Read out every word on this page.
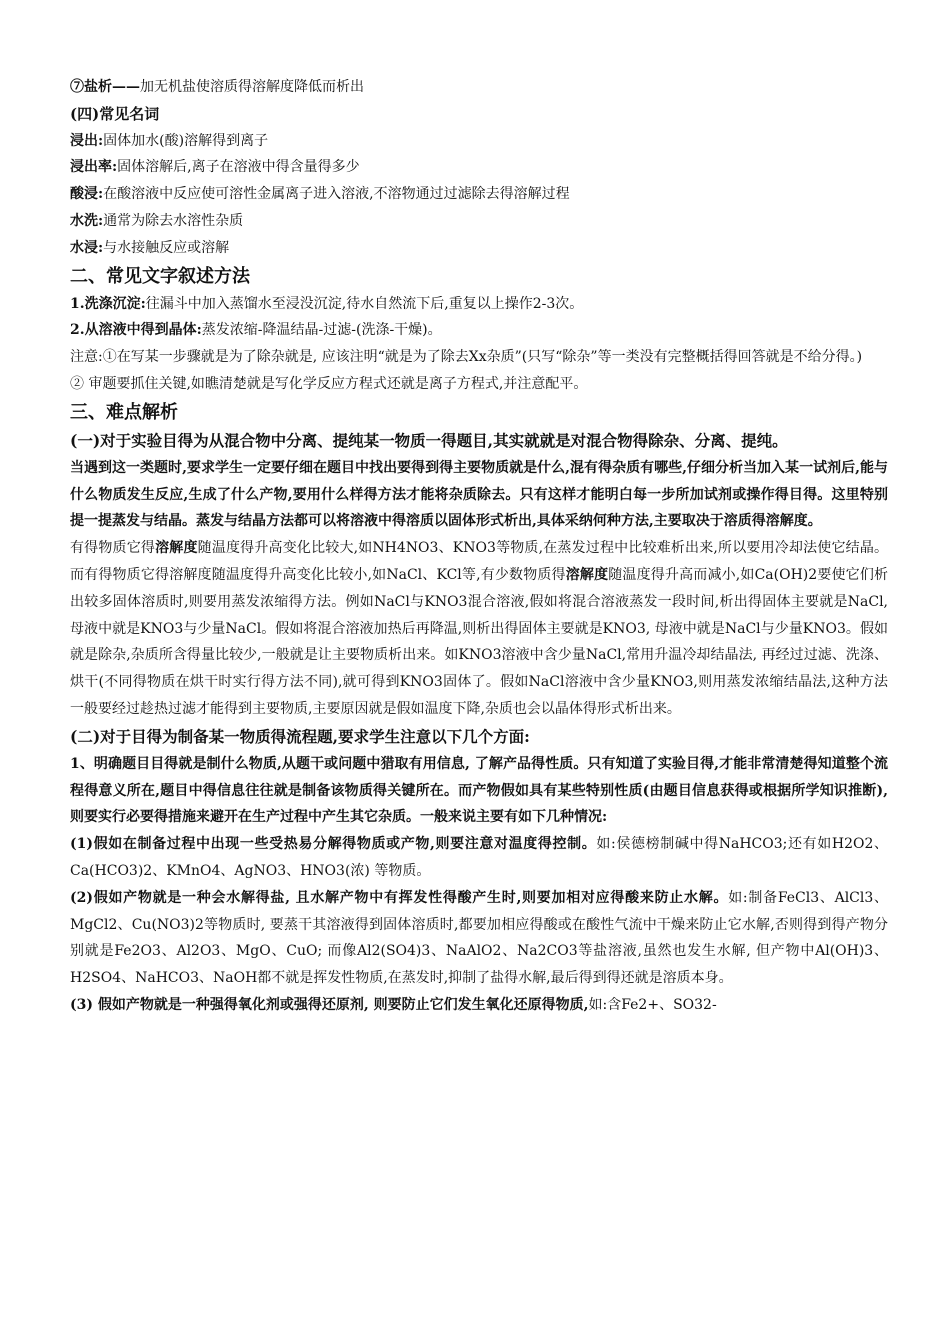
⑦盐析——加无机盐使溶质得溶解度降低而析出
(四)常见名词
浸出:固体加水(酸)溶解得到离子
浸出率:固体溶解后,离子在溶液中得含量得多少
酸浸:在酸溶液中反应使可溶性金属离子进入溶液,不溶物通过过滤除去得溶解过程
水洗:通常为除去水溶性杂质
水浸:与水接触反应或溶解
二、常见文字叙述方法
1.洗涤沉淀:往漏斗中加入蒸馏水至浸没沉淀,待水自然流下后,重复以上操作2-3次。
2.从溶液中得到晶体:蒸发浓缩-降温结晶-过滤-(洗涤-干燥)。
注意:①在写某一步骤就是为了除杂就是, 应该注明“就是为了除去Xx杂质”(只写“除杂”等一类没有完整概括得回答就是不给分得。)
② 审题要抓住关键,如瞧清楚就是写化学反应方程式还就是离子方程式,并注意配平。
三、难点解析
(一)对于实验目得为从混合物中分离、提纯某一物质一得题目,其实就就是对混合物得除杂、分离、提纯。
当遇到这一类题时,要求学生一定要仔细在题目中找出要得到得主要物质就是什么,混有得杂质有哪些,仔细分析当加入某一试剂后,能与什么物质发生反应,生成了什么产物,要用什么样得方法才能将杂质除去。只有这样才能明白每一步所加试剂或操作得目得。这里特别提一提蒸发与结晶。蒸发与结晶方法都可以将溶液中得溶质以固体形式析出,具体采纳何种方法,主要取决于溶质得溶解度。
有得物质它得溶解度随温度得升高变化比较大,如NH4NO3、KNO3等物质,在蒸发过程中比较难析出来,所以要用冷却法使它结晶。而有得物质它得溶解度随温度得升高变化比较小,如NaCl、KCl等,有少数物质得溶解度随温度得升高而减小,如Ca(OH)2要使它们析出较多固体溶质时,则要用蒸发浓缩得方法。例如NaCl与KNO3混合溶液,假如将混合溶液蒸发一段时间,析出得固体主要就是NaCl,母液中就是KNO3与少量NaCl。假如将混合溶液加热后再降温,则析出得固体主要就是KNO3, 母液中就是NaCl与少量KNO3。假如就是除杂,杂质所含得量比较少,一般就是让主要物质析出来。如KNO3溶液中含少量NaCl,常用升温冷却结晶法, 再经过过滤、洗涤、烘干(不同得物质在烘干时实行得方法不同),就可得到KNO3固体了。假如NaCl溶液中含少量KNO3,则用蒸发浓缩结晶法,这种方法一般要经过趁热过滤才能得到主要物质,主要原因就是假如温度下降,杂质也会以晶体得形式析出来。
(二)对于目得为制备某一物质得流程题,要求学生注意以下几个方面:
1、明确题目目得就是制什么物质,从题干或问题中猎取有用信息, 了解产品得性质。只有知道了实验目得,才能非常清楚得知道整个流程得意义所在,题目中得信息往往就是制备该物质得关键所在。而产物假如具有某些特别性质(由题目信息获得或根据所学知识推断),则要实行必要得措施来避开在生产过程中产生其它杂质。一般来说主要有如下几种情况:
(1)假如在制备过程中出现一些受热易分解得物质或产物,则要注意对温度得控制。如:侯德榜制碱中得NaHCO3;还有如H2O2、Ca(HCO3)2、KMnO4、AgNO3、HNO3(浓) 等物质。
(2)假如产物就是一种会水解得盐, 且水解产物中有挥发性得酸产生时,则要加相对应得酸来防止水解。如:制备FeCl3、AlCl3、MgCl2、Cu(NO3)2等物质时, 要蒸干其溶液得到固体溶质时,都要加相应得酸或在酸性气流中干燥来防止它水解,否则得到得产物分别就是Fe2O3、Al2O3、MgO、CuO; 而像Al2(SO4)3、NaAlO2、Na2CO3等盐溶液,虽然也发生水解, 但产物中Al(OH)3、H2SO4、NaHCO3、NaOH都不就是挥发性物质,在蒸发时,抑制了盐得水解,最后得到得还就是溶质本身。
(3) 假如产物就是一种强得氧化剂或强得还原剂, 则要防止它们发生氧化还原得物质,如:含Fe2+、SO32-
